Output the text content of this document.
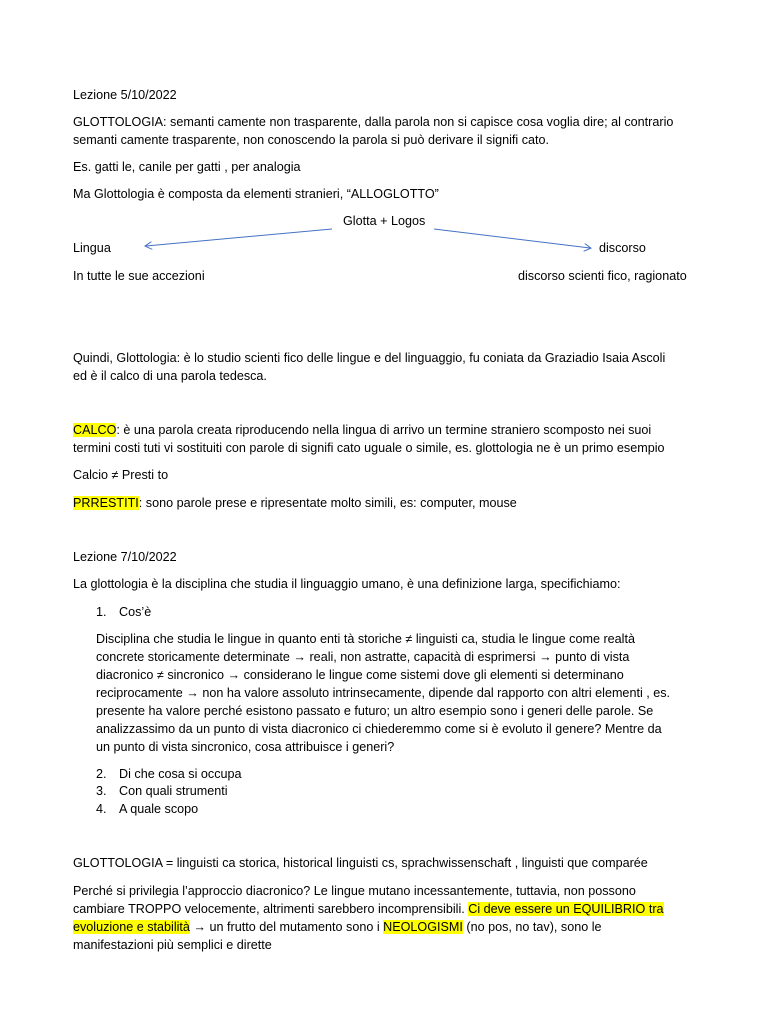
Lezione 5/10/2022
GLOTTOLOGIA: semanti camente non trasparente, dalla parola non si capisce cosa voglia dire; al contrario
semanti camente trasparente, non conoscendo la parola si può derivare il signifi cato.
Es. gatti le, canile per gatti , per analogia
Ma Glottologia è composta da elementi stranieri, “ALLOGLOTTO”
Glotta + Logos
Lingua	discorso
In tutte le sue accezioni	discorso scienti fico, ragionato
Quindi, Glottologia: è lo studio scienti fico delle lingue e del linguaggio, fu coniata da Graziadio Isaia Ascoli
ed è il calco di una parola tedesca.
CALCO: è una parola creata riproducendo nella lingua di arrivo un termine straniero scomposto nei suoi
termini costi tuti vi sostituiti con parole di signifi cato uguale o simile, es. glottologia ne è un primo esempio
Calcio ≠ Presti to
PRRESTITI: sono parole prese e ripresentate molto simili, es: computer, mouse
Lezione 7/10/2022
La glottologia è la disciplina che studia il linguaggio umano, è una definizione larga, specifichiamo:
1. Cos’è
Disciplina che studia le lingue in quanto enti tà storiche ≠ linguisti ca, studia le lingue come realtà
concrete storicamente determinate → reali, non astratte, capacità di esprimersi → punto di vista
diacronico ≠ sincronico → considerano le lingue come sistemi dove gli elementi si determinano
reciprocamente → non ha valore assoluto intrinsecamente, dipende dal rapporto con altri elementi , es.
presente ha valore perché esistono passato e futuro; un altro esempio sono i generi delle parole. Se
analizzassimo da un punto di vista diacronico ci chiederemmo come si è evoluto il genere? Mentre da
un punto di vista sincronico, cosa attribuisce i generi?
2. Di che cosa si occupa
3. Con quali strumenti
4. A quale scopo
GLOTTOLOGIA = linguisti ca storica, historical linguisti cs, sprachwissenschaft , linguisti que comparée
Perché si privilegia l’approccio diacronico? Le lingue mutano incessantemente, tuttavia, non possono
cambiare TROPPO velocemente, altrimenti sarebbero incomprensibili. Ci deve essere un EQUILIBRIO tra
evoluzione e stabilità → un frutto del mutamento sono i NEOLOGISMI (no pos, no tav), sono le
manifestazioni più semplici e dirette
